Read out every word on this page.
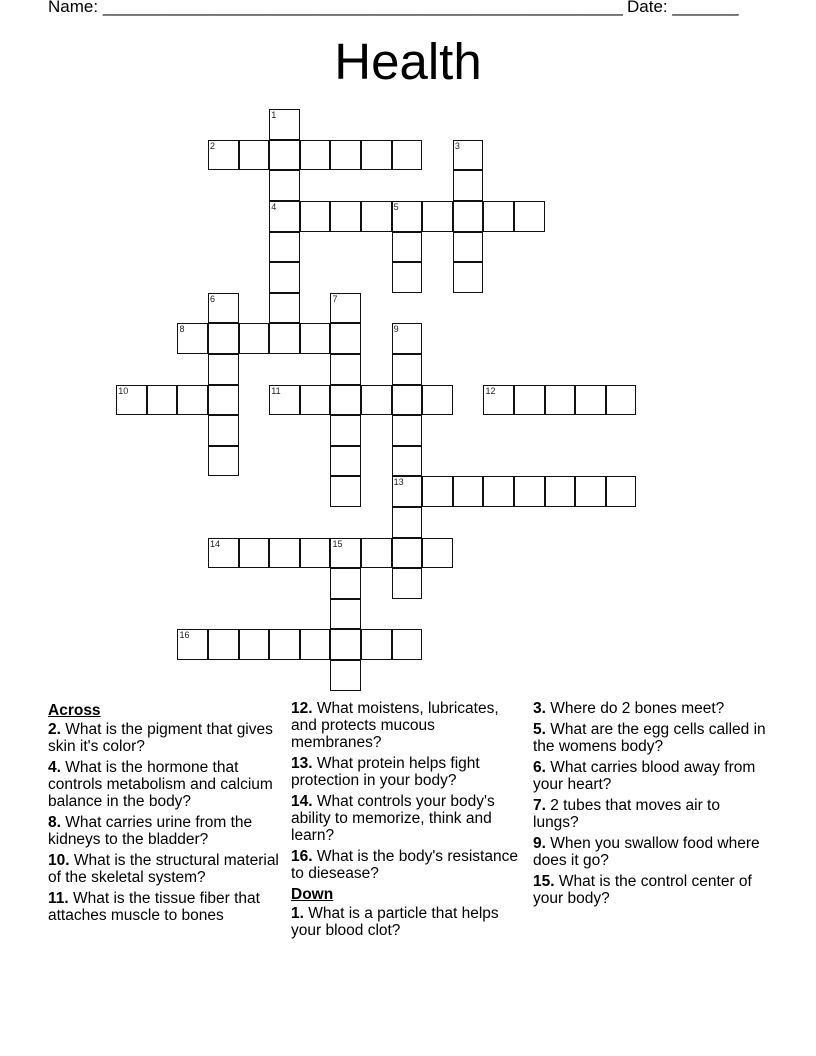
Name: _______________________________________________________ Date: _______
Health
1
4
2	3
5
6	7
8	9
13
10	11	12
14	15
16
Across
2. What is the pigment that gives skin it's color?
4. What is the hormone that controls metabolism and calcium balance in the body?
8. What carries urine from the kidneys to the bladder?
10. What is the structural material of the skeletal system?
11. What is the tissue fiber that attaches muscle to bones
12. What moistens, lubricates, and protects mucous membranes?
13. What protein helps fight protection in your body?
14. What controls your body's ability to memorize, think and learn?
16. What is the body's resistance to diesease?
Down
1. What is a particle that helps your blood clot?
3. Where do 2 bones meet?
5. What are the egg cells called in the womens body?
6. What carries blood away from your heart?
7. 2 tubes that moves air to lungs?
9. When you swallow food where does it go?
15. What is the control center of your body?
